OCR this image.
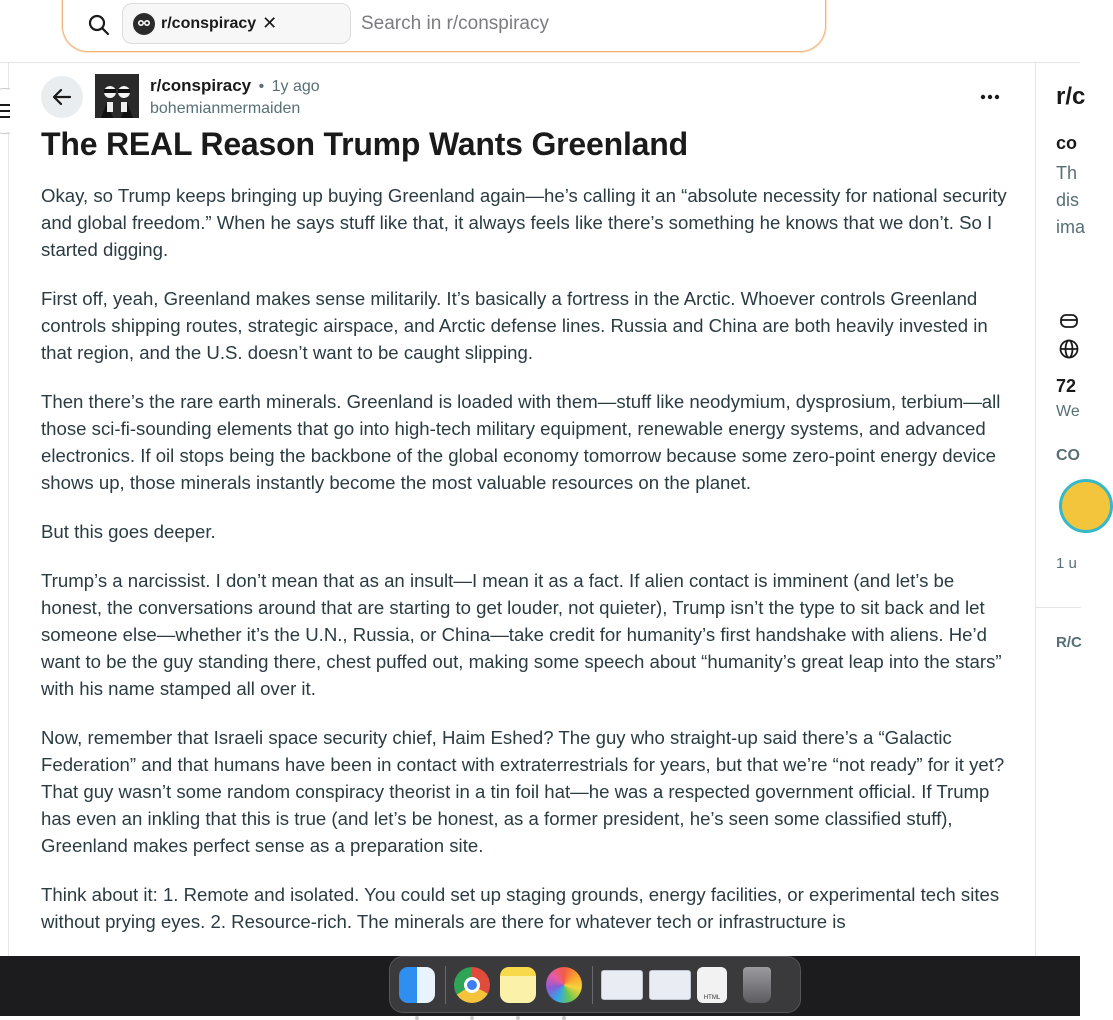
r/conspiracy ✕	Search in r/conspiracy
r/conspiracy • 1y ago
bohemianmermaiden
The REAL Reason Trump Wants Greenland

Okay, so Trump keeps bringing up buying Greenland again—he’s calling it an “absolute necessity for national security and global freedom.” When he says stuff like that, it always feels like there’s something he knows that we don’t. So I started digging.

First off, yeah, Greenland makes sense militarily. It’s basically a fortress in the Arctic. Whoever controls Greenland controls shipping routes, strategic airspace, and Arctic defense lines. Russia and China are both heavily invested in that region, and the U.S. doesn’t want to be caught slipping.

Then there’s the rare earth minerals. Greenland is loaded with them—stuff like neodymium, dysprosium, terbium—all those sci-fi-sounding elements that go into high-tech military equipment, renewable energy systems, and advanced electronics. If oil stops being the backbone of the global economy tomorrow because some zero-point energy device shows up, those minerals instantly become the most valuable resources on the planet.

But this goes deeper.

Trump’s a narcissist. I don’t mean that as an insult—I mean it as a fact. If alien contact is imminent (and let’s be honest, the conversations around that are starting to get louder, not quieter), Trump isn’t the type to sit back and let someone else—whether it’s the U.N., Russia, or China—take credit for humanity’s first handshake with aliens. He’d want to be the guy standing there, chest puffed out, making some speech about “humanity’s great leap into the stars” with his name stamped all over it.

Now, remember that Israeli space security chief, Haim Eshed? The guy who straight-up said there’s a “Galactic Federation” and that humans have been in contact with extraterrestrials for years, but that we’re “not ready” for it yet? That guy wasn’t some random conspiracy theorist in a tin foil hat—he was a respected government official. If Trump has even an inkling that this is true (and let’s be honest, as a former president, he’s seen some classified stuff), Greenland makes perfect sense as a preparation site.

Think about it: 1. Remote and isolated. You could set up staging grounds, energy facilities, or experimental tech sites without prying eyes. 2. Resource-rich. The minerals are there for whatever tech or infrastructure is

r/c
co
Th
dis
ima
72
We
CO
1 u
R/C
HTML
